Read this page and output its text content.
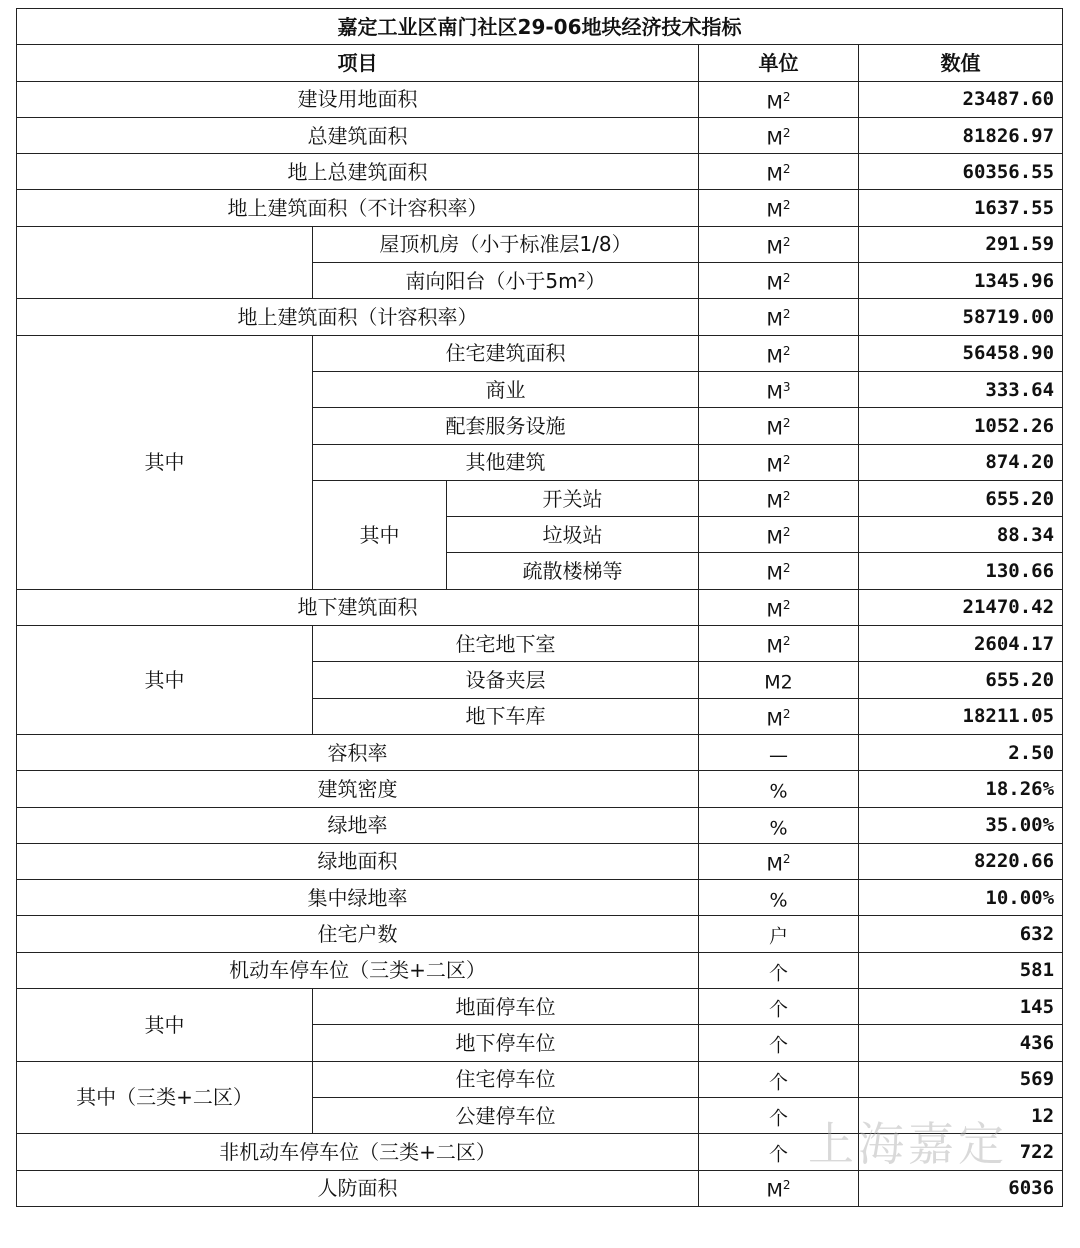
嘉定工业区南门社区29-06地块经济技术指标				
项目			单位	数值
建设用地面积			$M^2$	23487.60
总建筑面积			$M^2$	81826.97
地上总建筑面积			$M^2$	60356.55
地上建筑面积（不计容积率）			$M^2$	1637.55
	屋顶机房（小于标准层1/8）		$M^2$	291.59
	南向阳台（小于5m²）		$M^2$	1345.96
地上建筑面积（计容积率）			$M^2$	58719.00
其中	住宅建筑面积		$M^2$	56458.90
	商业		$M^3$	333.64
	配套服务设施		$M^2$	1052.26
	其他建筑		$M^2$	874.20
	其中	开关站	$M^2$	655.20
		垃圾站	$M^2$	88.34
		疏散楼梯等	$M^2$	130.66
地下建筑面积			$M^2$	21470.42
其中	住宅地下室		$M^2$	2604.17
	设备夹层		M2	655.20
	地下车库		$M^2$	18211.05
容积率			—	2.50
建筑密度			%	18.26%
绿地率			%	35.00%
绿地面积			$M^2$	8220.66
集中绿地率			%	10.00%
住宅户数			户	632
机动车停车位（三类+二区）			个	581
其中	地面停车位		个	145
	地下停车位		个	436
其中（三类+二区）	住宅停车位		个	569
	公建停车位		个	12
非机动车停车位（三类+二区）			个	722
人防面积			$M^2$	6036
上海嘉定
